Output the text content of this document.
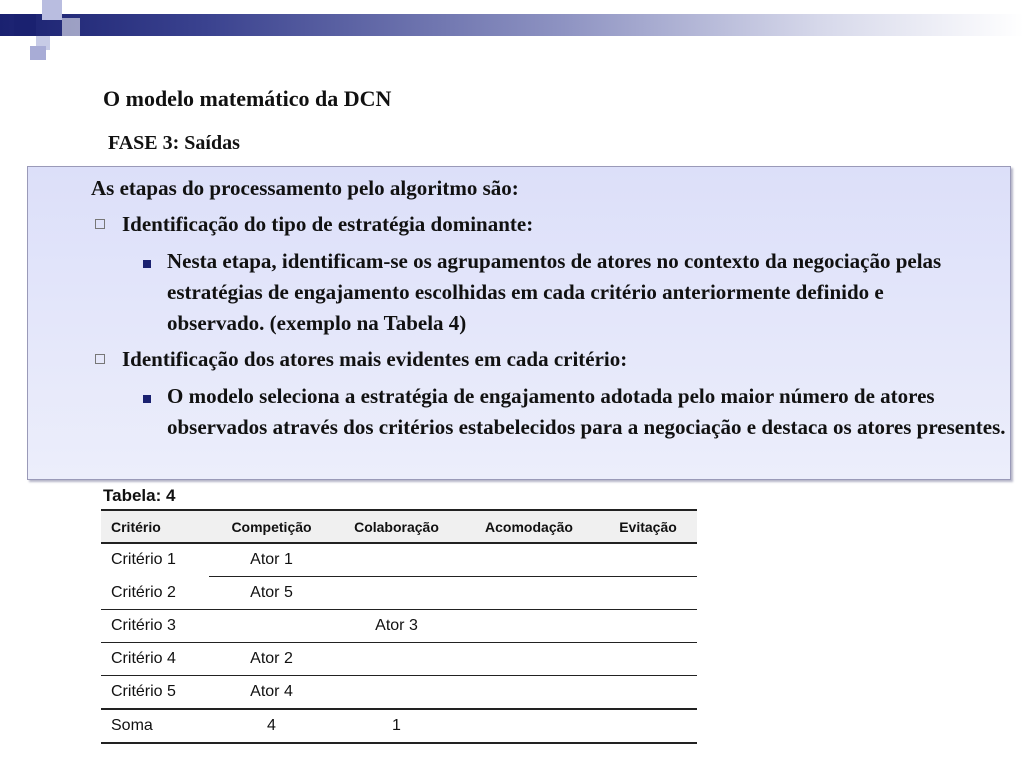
O modelo matemático da DCN
FASE 3: Saídas
As etapas do processamento pelo algoritmo são:
Identificação do tipo de estratégia dominante:
Nesta etapa, identificam-se os agrupamentos de atores no contexto da negociação pelas estratégias de engajamento escolhidas em cada critério anteriormente definido e observado. (exemplo na Tabela 4)
Identificação dos atores mais evidentes em cada critério:
O modelo seleciona a estratégia de engajamento adotada pelo maior número de atores observados através dos critérios estabelecidos para a negociação e destaca os atores presentes.

Tabela: 4

Critério	Competição	Colaboração	Acomodação	Evitação
Critério 1	Ator 1			
Critério 2	Ator 5			
Critério 3		Ator 3		
Critério 4	Ator 2			
Critério 5	Ator 4			
Soma	4	1		
